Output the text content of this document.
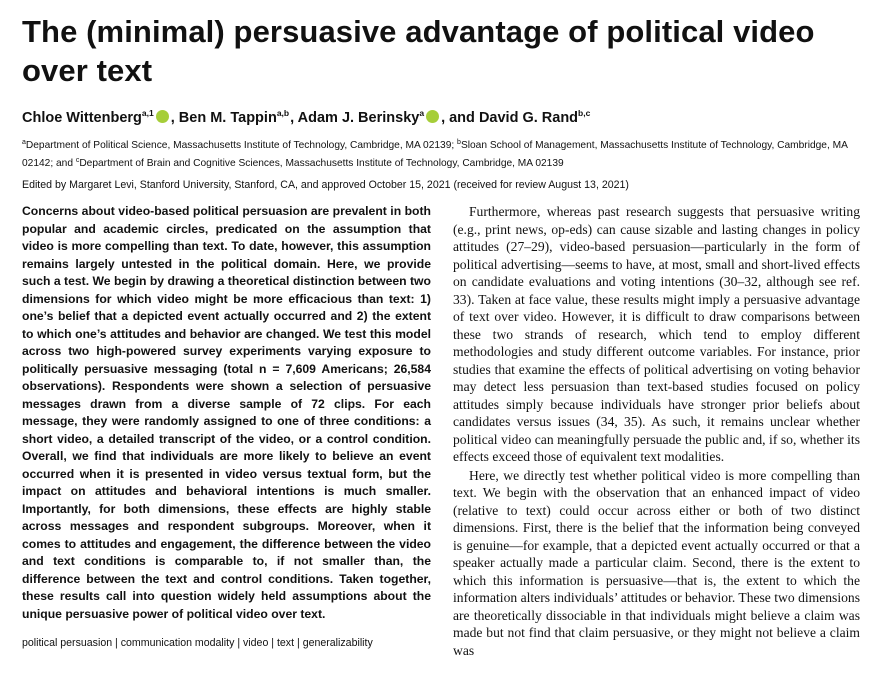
The (minimal) persuasive advantage of political video over text
Chloe Wittenberg$^{a,1}$ , Ben M. Tappin$^{a,b}$, Adam J. Berinsky$^a$ , and David G. Rand$^{b,c}$
$^a$Department of Political Science, Massachusetts Institute of Technology, Cambridge, MA 02139; $^b$Sloan School of Management, Massachusetts Institute of Technology, Cambridge, MA 02142; and $^c$Department of Brain and Cognitive Sciences, Massachusetts Institute of Technology, Cambridge, MA 02139
Edited by Margaret Levi, Stanford University, Stanford, CA, and approved October 15, 2021 (received for review August 13, 2021)

Concerns about video-based political persuasion are prevalent in both popular and academic circles, predicated on the assumption that video is more compelling than text. To date, however, this assumption remains largely untested in the political domain. Here, we provide such a test. We begin by drawing a theoretical distinction between two dimensions for which video might be more efficacious than text: 1) one’s belief that a depicted event actually occurred and 2) the extent to which one’s attitudes and behavior are changed. We test this model across two high-powered survey experiments varying exposure to politically persuasive messaging (total n = 7,609 Americans; 26,584 observations). Respondents were shown a selection of persuasive messages drawn from a diverse sample of 72 clips. For each message, they were randomly assigned to one of three conditions: a short video, a detailed transcript of the video, or a control condition. Overall, we find that individuals are more likely to believe an event occurred when it is presented in video versus textual form, but the impact on attitudes and behavioral intentions is much smaller. Importantly, for both dimensions, these effects are highly stable across messages and respondent subgroups. Moreover, when it comes to attitudes and engagement, the difference between the video and text conditions is comparable to, if not smaller than, the difference between the text and control conditions. Taken together, these results call into question widely held assumptions about the unique persuasive power of political video over text.

political persuasion | communication modality | video | text | generalizability

Furthermore, whereas past research suggests that persuasive writing (e.g., print news, op-eds) can cause sizable and lasting changes in policy attitudes (27–29), video-based persuasion—particularly in the form of political advertising—seems to have, at most, small and short-lived effects on candidate evaluations and voting intentions (30–32, although see ref. 33). Taken at face value, these results might imply a persuasive advantage of text over video. However, it is difficult to draw comparisons between these two strands of research, which tend to employ different methodologies and study different outcome variables. For instance, prior studies that examine the effects of political advertising on voting behavior may detect less persuasion than text-based studies focused on policy attitudes simply because individuals have stronger prior beliefs about candidates versus issues (34, 35). As such, it remains unclear whether political video can meaningfully persuade the public and, if so, whether its effects exceed those of equivalent text modalities.

Here, we directly test whether political video is more compelling than text. We begin with the observation that an enhanced impact of video (relative to text) could occur across either or both of two distinct dimensions. First, there is the belief that the information being conveyed is genuine—for example, that a depicted event actually occurred or that a speaker actually made a particular claim. Second, there is the extent to which this information is persuasive—that is, the extent to which the information alters individuals’ attitudes or behavior. These two dimensions are theoretically dissociable in that individuals might believe a claim was made but not find that claim persuasive, or they might not believe a claim was
